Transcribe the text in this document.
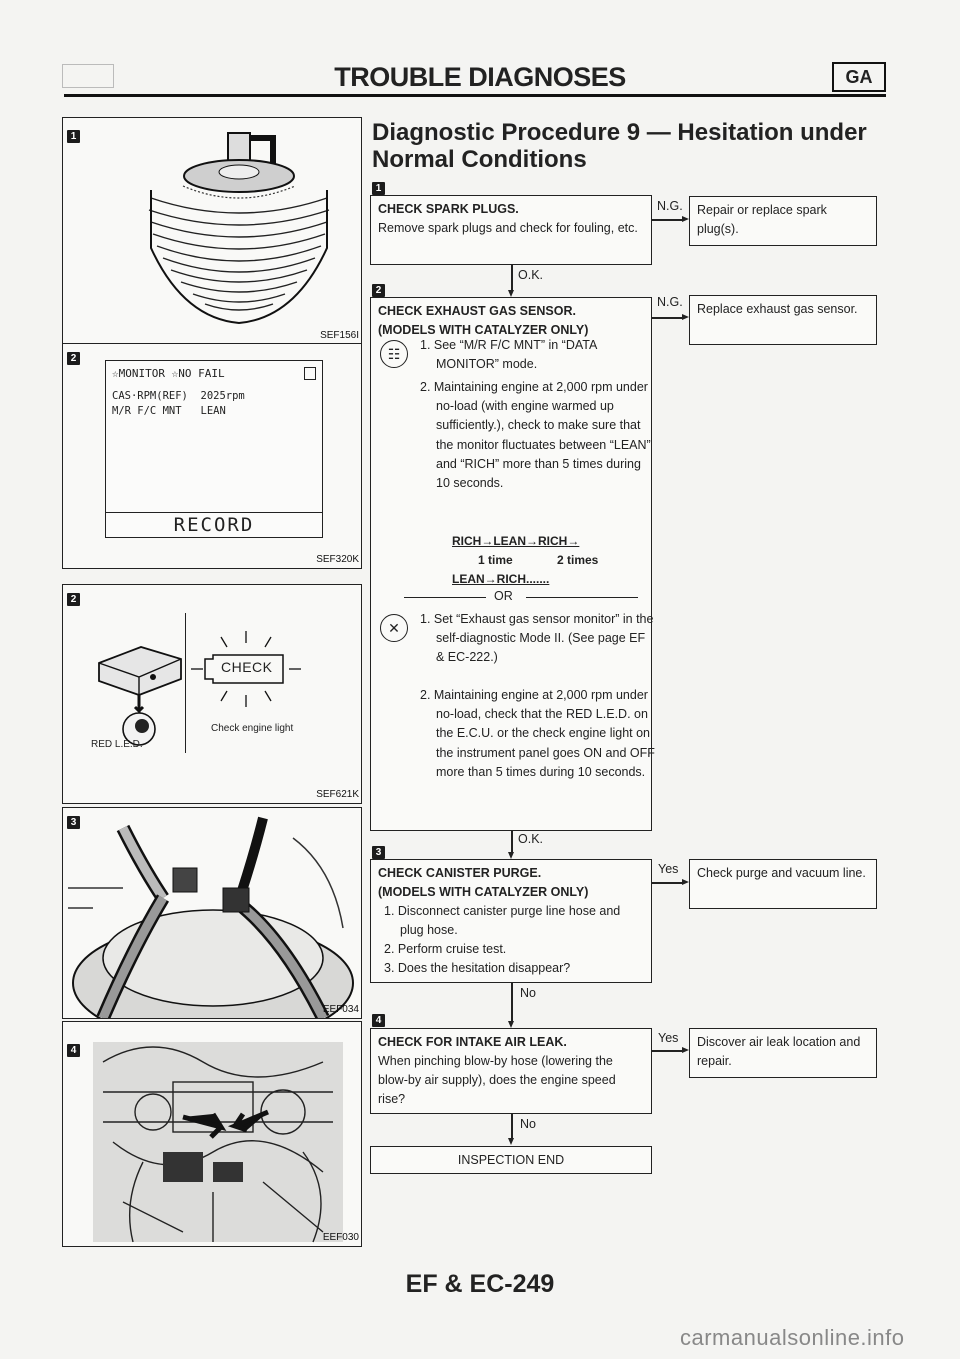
TROUBLE DIAGNOSES	GA
1
SEF156I
2
☆MONITOR ☆NO FAIL
CAS·RPM(REF)  2025rpm
M/R F/C MNT   LEAN
RECORD
SEF320K
2
RED L.E.D.
CHECK
Check engine light
SEF621K
3
EEF034
4
EEF030
Diagnostic Procedure 9 — Hesitation under
Normal Conditions
1
CHECK SPARK PLUGS.
Remove spark plugs and check for fouling, etc.
N.G. Repair or replace spark plug(s).
O.K.
2
CHECK EXHAUST GAS SENSOR.
(MODELS WITH CATALYZER ONLY)
☷
1. See “M/R F/C MNT” in “DATA MONITOR” mode.
2. Maintaining engine at 2,000 rpm under no-load (with engine warmed up sufficiently.), check to make sure that the monitor fluctuates between “LEAN” and “RICH” more than 5 times during 10 seconds.
RICH→LEAN→RICH→
1 time	2 times
LEAN→RICH.......
OR
✕
1. Set “Exhaust gas sensor monitor” in the self-diagnostic Mode II. (See page EF & EC-222.)
2. Maintaining engine at 2,000 rpm under no-load, check that the RED L.E.D. on the E.C.U. or the check engine light on the instrument panel goes ON and OFF more than 5 times during 10 seconds.
N.G. Replace exhaust gas sensor.
O.K.
3
CHECK CANISTER PURGE.
(MODELS WITH CATALYZER ONLY)
1. Disconnect canister purge line hose and plug hose.
2. Perform cruise test.
3. Does the hesitation disappear?
Yes Check purge and vacuum line.
No
4
CHECK FOR INTAKE AIR LEAK.
When pinching blow-by hose (lowering the blow-by air supply), does the engine speed rise?
Yes Discover air leak location and repair.
No
INSPECTION END
EF & EC-249
carmanualsonline.info
